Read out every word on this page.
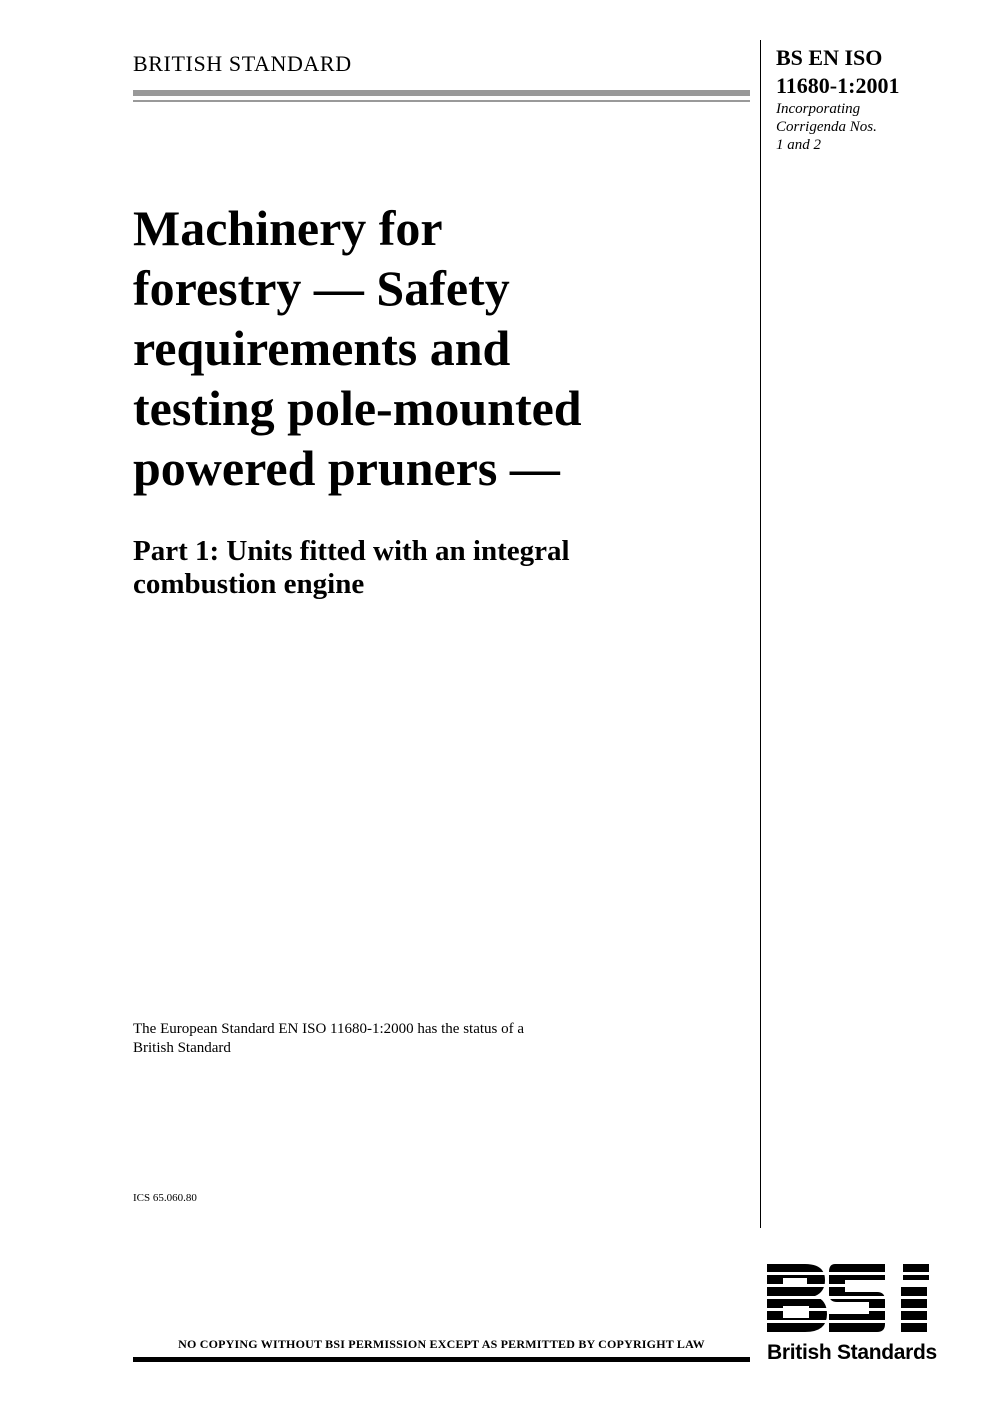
BRITISH STANDARD	BS EN ISO
11680-1:2001
Incorporating
Corrigenda Nos.
1 and 2
Machinery for
forestry — Safety
requirements and
testing pole-mounted
powered pruners —
Part 1: Units fitted with an integral
combustion engine
The European Standard EN ISO 11680-1:2000 has the status of a
British Standard
ICS 65.060.80
NO COPYING WITHOUT BSI PERMISSION EXCEPT AS PERMITTED BY COPYRIGHT LAW	British Standards
